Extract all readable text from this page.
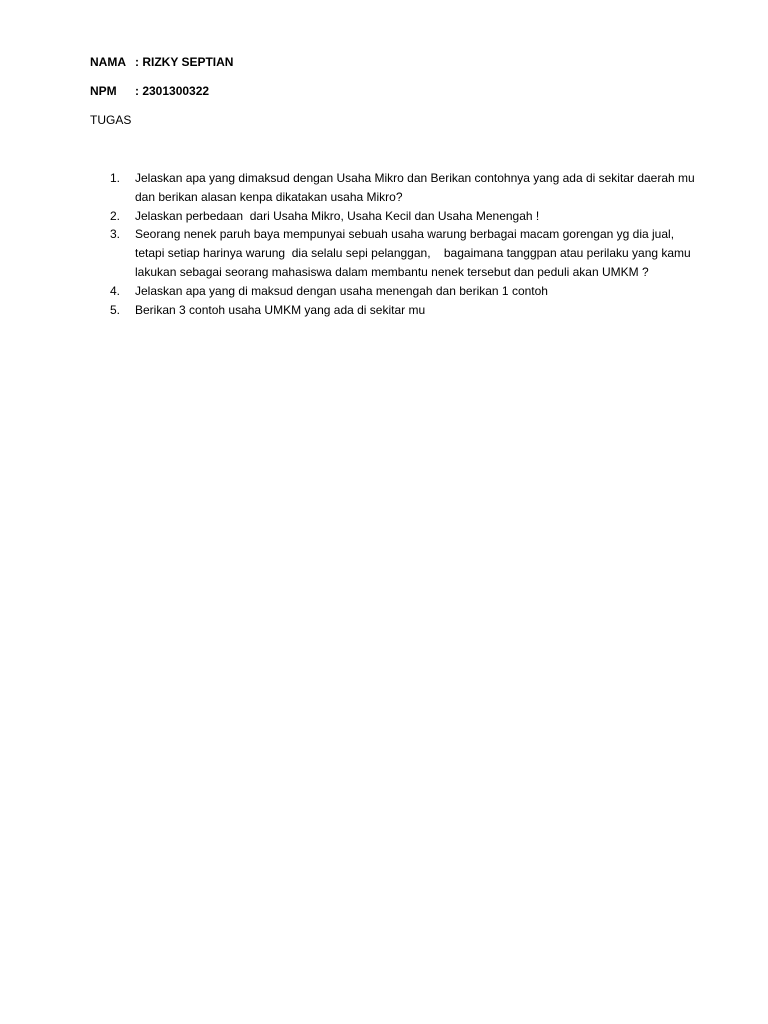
NAMA : RIZKY SEPTIAN
NPM : 2301300322
TUGAS
1.	Jelaskan apa yang dimaksud dengan Usaha Mikro dan Berikan contohnya yang ada di sekitar daerah mu dan berikan alasan kenpa dikatakan usaha Mikro?
2.	Jelaskan perbedaan  dari Usaha Mikro, Usaha Kecil dan Usaha Menengah !
3.	Seorang nenek paruh baya mempunyai sebuah usaha warung berbagai macam gorengan yg dia jual, tetapi setiap harinya warung  dia selalu sepi pelanggan,    bagaimana tanggpan atau perilaku yang kamu lakukan sebagai seorang mahasiswa dalam membantu nenek tersebut dan peduli akan UMKM ?
4.	Jelaskan apa yang di maksud dengan usaha menengah dan berikan 1 contoh
5.	Berikan 3 contoh usaha UMKM yang ada di sekitar mu
